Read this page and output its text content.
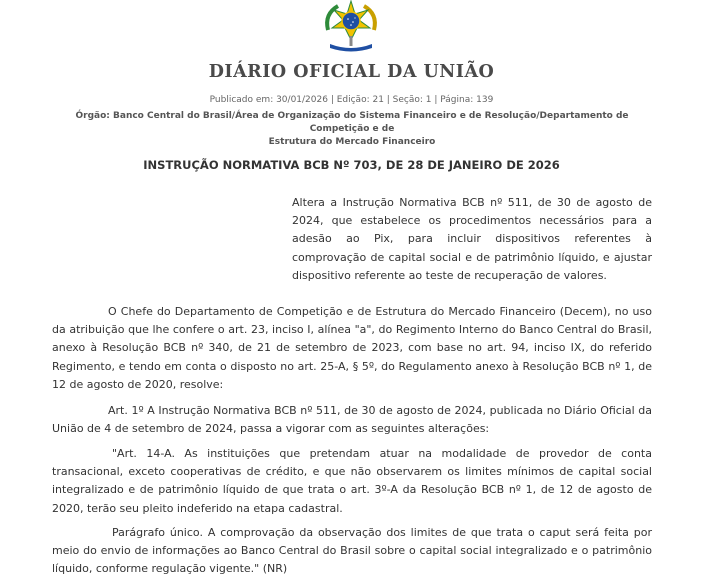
DIÁRIO OFICIAL DA UNIÃO
Publicado em: 30/01/2026 | Edição: 21 | Seção: 1 | Página: 139
Órgão: Banco Central do Brasil/Área de Organização do Sistema Financeiro e de Resolução/Departamento de Competição e de
Estrutura do Mercado Financeiro
INSTRUÇÃO NORMATIVA BCB Nº 703, DE 28 DE JANEIRO DE 2026
Altera a Instrução Normativa BCB nº 511, de 30 de agosto de 2024, que estabelece os procedimentos necessários para a adesão ao Pix, para incluir dispositivos referentes à comprovação de capital social e de patrimônio líquido, e ajustar dispositivo referente ao teste de recuperação de valores.

O Chefe do Departamento de Competição e de Estrutura do Mercado Financeiro (Decem), no uso da atribuição que lhe confere o art. 23, inciso I, alínea "a", do Regimento Interno do Banco Central do Brasil, anexo à Resolução BCB nº 340, de 21 de setembro de 2023, com base no art. 94, inciso IX, do referido Regimento, e tendo em conta o disposto no art. 25-A, § 5º, do Regulamento anexo à Resolução BCB nº 1, de 12 de agosto de 2020, resolve:

Art. 1º A Instrução Normativa BCB nº 511, de 30 de agosto de 2024, publicada no Diário Oficial da União de 4 de setembro de 2024, passa a vigorar com as seguintes alterações:

"Art. 14-A. As instituições que pretendam atuar na modalidade de provedor de conta transacional, exceto cooperativas de crédito, e que não observarem os limites mínimos de capital social integralizado e de patrimônio líquido de que trata o art. 3º-A da Resolução BCB nº 1, de 12 de agosto de 2020, terão seu pleito indeferido na etapa cadastral.

Parágrafo único. A comprovação da observação dos limites de que trata o caput será feita por meio do envio de informações ao Banco Central do Brasil sobre o capital social integralizado e o patrimônio líquido, conforme regulação vigente." (NR)
